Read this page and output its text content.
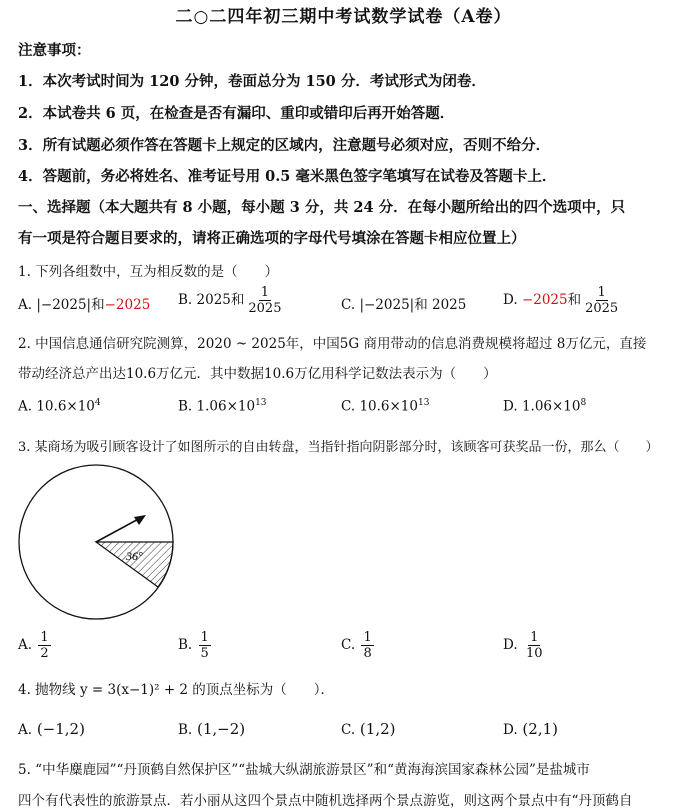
二○二四年初三期中考试数学试卷（A卷）
注意事项：
1．本次考试时间为 120 分钟，卷面总分为 150 分．考试形式为闭卷．
2．本试卷共 6 页，在检查是否有漏印、重印或错印后再开始答题．
3．所有试题必须作答在答题卡上规定的区域内，注意题号必须对应，否则不给分．
4．答题前，务必将姓名、准考证号用 0.5 毫米黑色签字笔填写在试卷及答题卡上．
一、选择题（本大题共有 8 小题，每小题 3 分，共 24 分．在每小题所给出的四个选项中，只
有一项是符合题目要求的，请将正确选项的字母代号填涂在答题卡相应位置上）
1. 下列各组数中，互为相反数的是（　　）
A. |−2025|和−2025 B. 2025和 $\frac{1}{2025}$	C. |−2025|和 2025	D. −2025和 $\frac{1}{2025}$
2. 中国信息通信研究院测算，2020 ~ 2025年，中国5G 商用带动的信息消费规模将超过 8万亿元，直接
带动经济总产出达10.6万亿元．其中数据10.6万亿用科学记数法表示为（　　）
A. $10.6\times 10^4$	B. $1.06\times 10^{13}$	C. $10.6\times 10^{13}$	D. $1.06\times 10^8$
3. 某商场为吸引顾客设计了如图所示的自由转盘，当指针指向阴影部分时，该顾客可获奖品一份，那么（　　）
36°
A. $\frac{1}{2}$	B. $\frac{1}{5}$	C. $\frac{1}{8}$	D. $\frac{1}{10}$
4. 抛物线 y = 3(x−1)² + 2 的顶点坐标为（　　）．
A. (−1,2)	B. (1,−2)	C. (1,2)	D. (2,1)
5. “中华麋鹿园”“丹顶鹤自然保护区”“盐城大纵湖旅游景区”和“黄海海滨国家森林公园”是盐城市
四个有代表性的旅游景点．若小丽从这四个景点中随机选择两个景点游览，则这两个景点中有“丹顶鹤自
